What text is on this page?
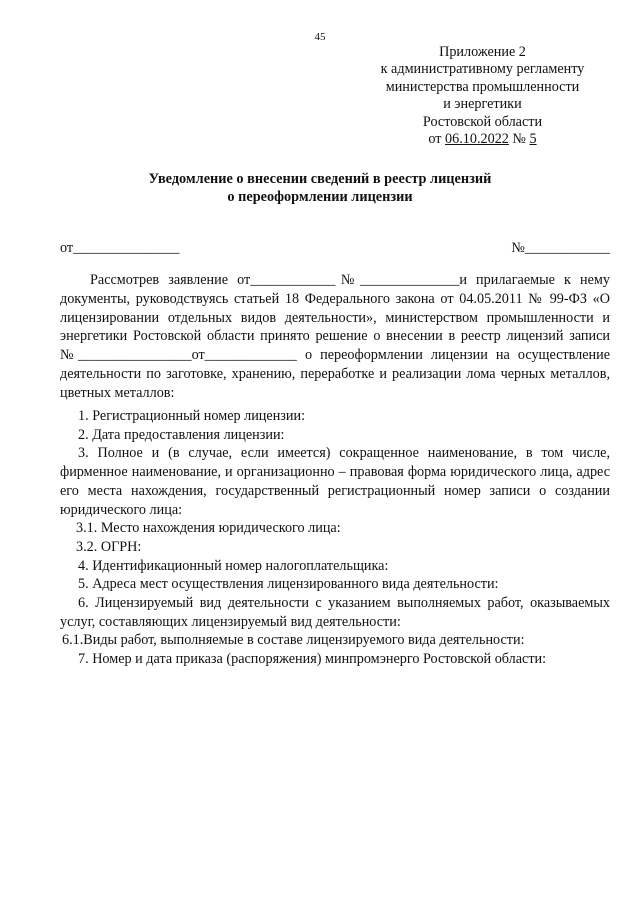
45
Приложение 2
к административному регламенту
министерства промышленности
и энергетики
Ростовской области
от 06.10.2022 № 5
Уведомление о внесении сведений в реестр лицензий
о переоформлении лицензии
от_______________	№____________
Рассмотрев заявление от____________№______________и прилагаемые к нему документы, руководствуясь статьей 18 Федерального закона от 04.05.2011 № 99-ФЗ «О лицензировании отдельных видов деятельности», министерством промышленности и энергетики Ростовской области принято решение о внесении в реестр лицензий записи №________________от_____________ о переоформлении лицензии на осуществление деятельности по заготовке, хранению, переработке и реализации лома черных металлов, цветных металлов:
1. Регистрационный номер лицензии:
2. Дата предоставления лицензии:
3. Полное и (в случае, если имеется) сокращенное наименование, в том числе, фирменное наименование, и организационно – правовая форма юридического лица, адрес его места нахождения, государственный регистрационный номер записи о создании юридического лица:
3.1. Место нахождения юридического лица:
3.2. ОГРН:
4. Идентификационный номер налогоплательщика:
5. Адреса мест осуществления лицензированного вида деятельности:
6. Лицензируемый вид деятельности с указанием выполняемых работ, оказываемых услуг, составляющих лицензируемый вид деятельности:
6.1.Виды работ, выполняемые в составе лицензируемого вида деятельности:
7. Номер и дата приказа (распоряжения) минпромэнерго Ростовской области:
